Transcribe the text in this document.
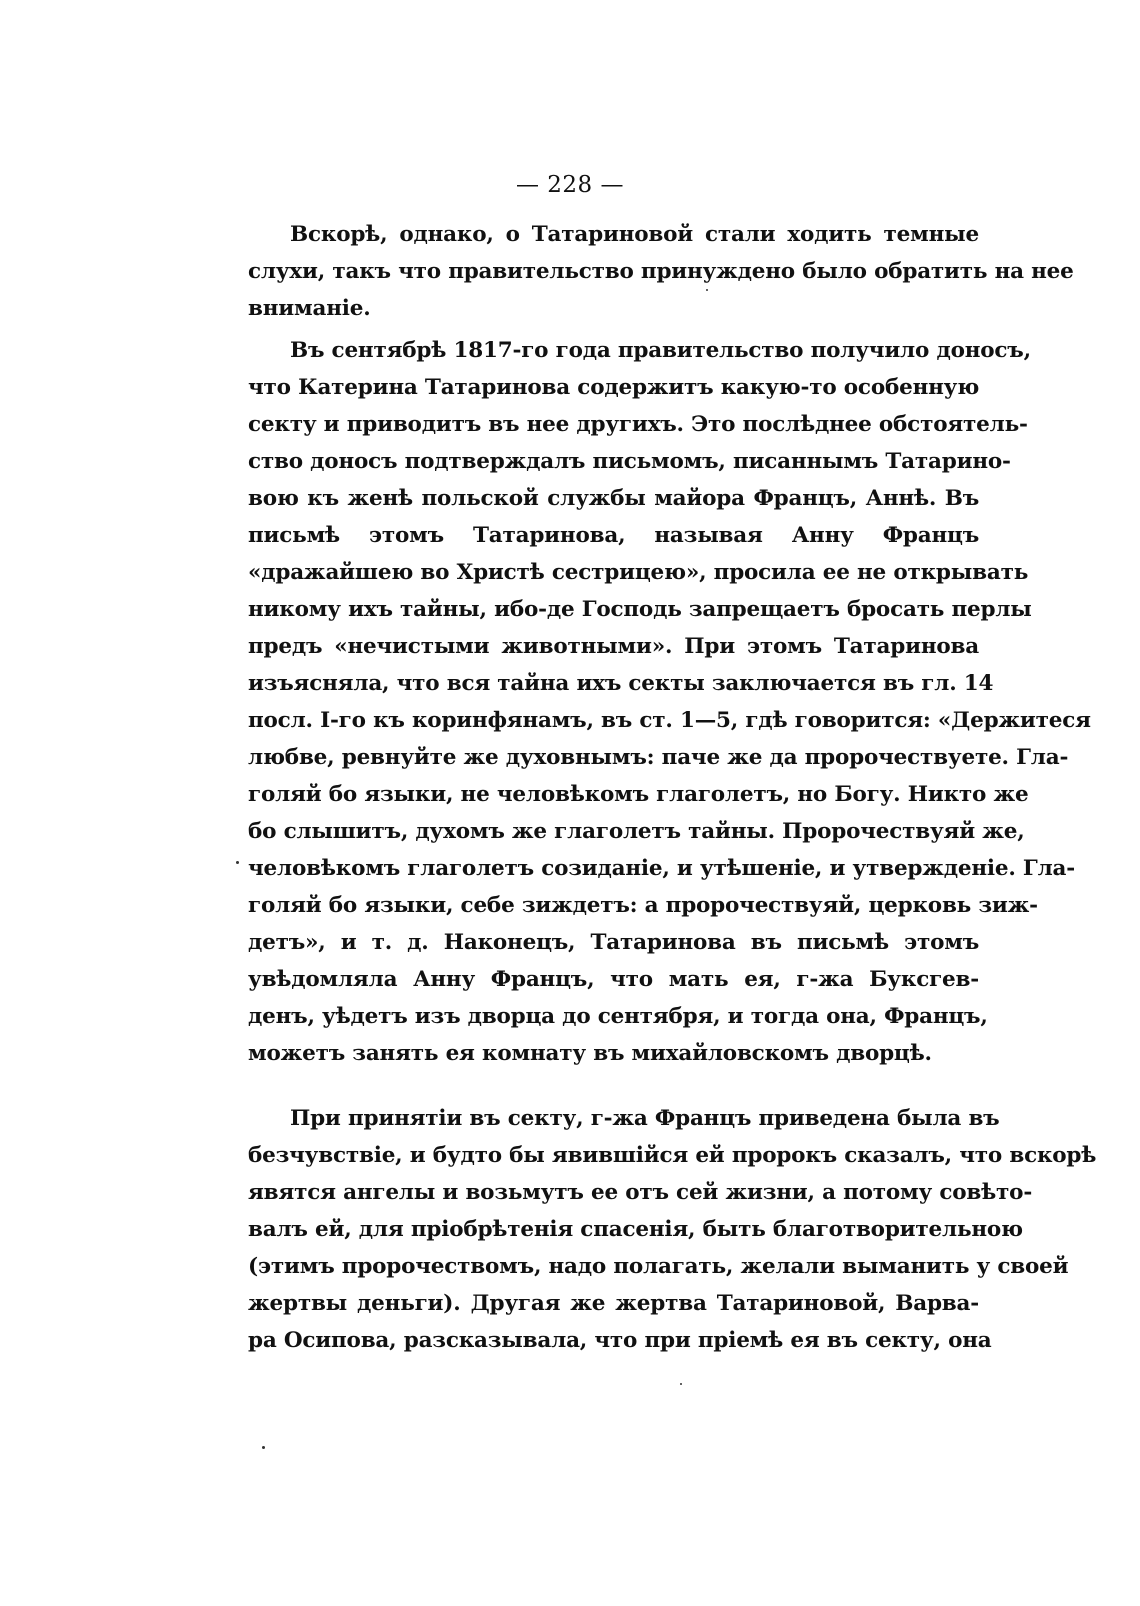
— 228 —
Вскорѣ, однако, о Татариновой стали ходить темные
слухи, такъ что правительство принуждено было обратить на нее
вниманіе.
Въ сентябрѣ 1817-го года правительство получило доносъ,
что Катерина Татаринова содержитъ какую-то особенную
секту и приводитъ въ нее другихъ. Это послѣднее обстоятель-
ство доносъ подтверждалъ письмомъ, писаннымъ Татарино-
вою къ женѣ польской службы майора Францъ, Аннѣ. Въ
письмѣ этомъ Татаринова, называя Анну Францъ
«дражайшею во Христѣ сестрицею», просила ее не открывать
никому ихъ тайны, ибо-де Господь запрещаетъ бросать перлы
предъ «нечистыми животными». При этомъ Татаринова
изъясняла, что вся тайна ихъ секты заключается въ гл. 14
посл. І-го къ коринфянамъ, въ ст. 1—5, гдѣ говорится: «Держитеся
любве, ревнуйте же духовнымъ: паче же да пророчествуете. Гла-
голяй бо языки, не человѣкомъ глаголетъ, но Богу. Никто же
бо слышитъ, духомъ же глаголетъ тайны. Пророчествуяй же,
человѣкомъ глаголетъ созиданіе, и утѣшеніе, и утвержденіе. Гла-
голяй бо языки, себе зиждетъ: а пророчествуяй, церковь зиж-
детъ», и т. д. Наконецъ, Татаринова въ письмѣ этомъ
увѣдомляла Анну Францъ, что мать ея, г-жа Буксгев-
денъ, уѣдетъ изъ дворца до сентября, и тогда она, Францъ,
можетъ занять ея комнату въ михайловскомъ дворцѣ.
При принятіи въ секту, г-жа Францъ приведена была въ
безчувствіе, и будто бы явившійся ей пророкъ сказалъ, что вскорѣ
явятся ангелы и возьмутъ ее отъ сей жизни, а потому совѣто-
валъ ей, для пріобрѣтенія спасенія, быть благотворительною
(этимъ пророчествомъ, надо полагать, желали выманить у своей
жертвы деньги). Другая же жертва Татариновой, Варва-
ра Осипова, разсказывала, что при пріемѣ ея въ секту, она
